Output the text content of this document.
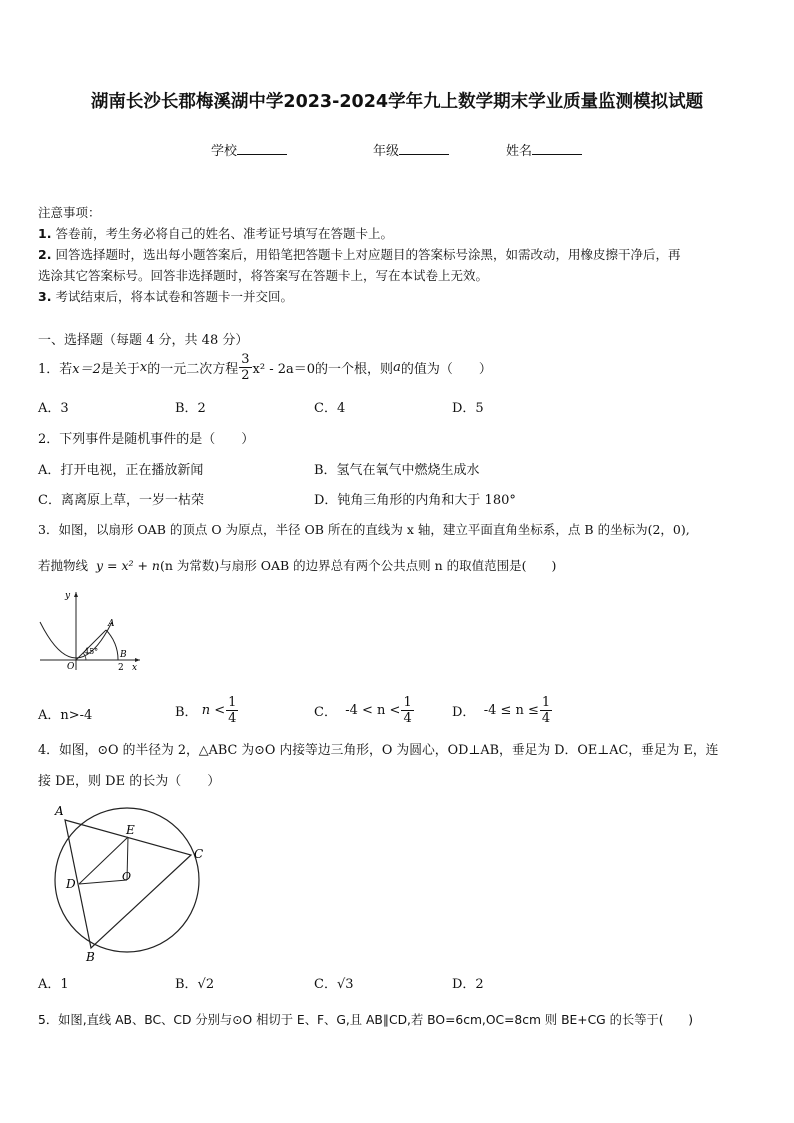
湖南长沙长郡梅溪湖中学2023-2024学年九上数学期末学业质量监测模拟试题
学校	年级	姓名
注意事项：
1. 答卷前，考生务必将自己的姓名、准考证号填写在答题卡上。
2. 回答选择题时，选出每小题答案后，用铅笔把答题卡上对应题目的答案标号涂黑，如需改动，用橡皮擦干净后，再
选涂其它答案标号。回答非选择题时，将答案写在答题卡上，写在本试卷上无效。
3. 考试结束后，将本试卷和答题卡一并交回。
一、选择题（每题 4 分，共 48 分）
1．若 x＝2 是关于 x 的一元二次方程 $\frac{3}{2} x^2 - 2a=0$ 的一个根，则 a 的值为（　　）
A．3	B．2	C．4	D．5
2．下列事件是随机事件的是（　　）
A．打开电视，正在播放新闻	B．氢气在氧气中燃烧生成水
C．离离原上草，一岁一枯荣	D．钝角三角形的内角和大于 180°
3．如图，以扇形 OAB 的顶点 O 为原点，半径 OB 所在的直线为 x 轴，建立平面直角坐标系，点 B 的坐标为(2，0),
若抛物线 y = x² + n(n 为常数)与扇形 OAB 的边界总有两个公共点则 n 的取值范围是(　　)
y
A
45°
O
B
2 x
A．n>-4	B．
$n < \frac{1}{4}$	C．
$-4 < n < \frac{1}{4}$	D．
$-4 \le n \le \frac{1}{4}$
4．如图，⊙O 的半径为 2，△ABC 为⊙O 内接等边三角形，O 为圆心，OD⊥AB，垂足为 D．OE⊥AC，垂足为 E，连
接 DE，则 DE 的长为（　　）
A
B
C
D
E
O
A．1	B．√2	C．√3	D．2
5．如图,直线 AB、BC、CD 分别与⊙O 相切于 E、F、G,且 AB∥CD,若 BO=6cm,OC=8cm 则 BE+CG 的长等于(　　)
